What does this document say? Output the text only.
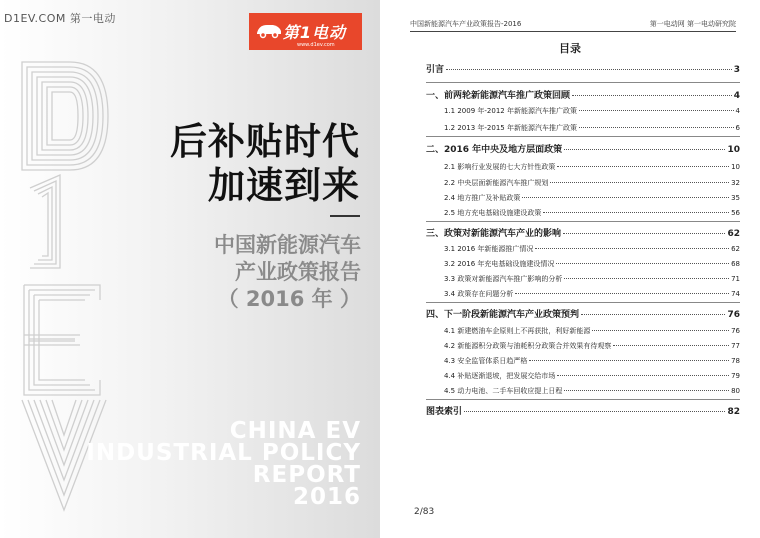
D1EV.COM 第一电动
第1电动
www.d1ev.com
后补贴时代
加速到来
中国新能源汽车
产业政策报告
（ 2016 年 ）
CHINA EV
INDUSTRIAL POLICY
REPORT
2016
中国新能源汽车产业政策报告-2016	第一电动网 第一电动研究院
目录
引言	3
一、前两轮新能源汽车推广政策回顾	4
1.1 2009 年-2012 年新能源汽车推广政策	4
1.2 2013 年-2015 年新能源汽车推广政策	6
二、2016 年中央及地方层面政策	10
2.1 影响行业发展的七大方针性政策	10
2.2 中央层面新能源汽车推广规划	32
2.4 地方推广及补贴政策	35
2.5 地方充电基础设施建设政策	56
三、政策对新能源汽车产业的影响	62
3.1 2016 年新能源推广情况	62
3.2 2016 年充电基础设施建设情况	68
3.3 政策对新能源汽车推广影响的分析	71
3.4 政策存在问题分析	74
四、下一阶段新能源汽车产业政策预判	76
4.1 新建燃油车企原则上不再获批，利好新能源	76
4.2 新能源积分政策与油耗积分政策合并效果有待观察	77
4.3 安全监管体系日趋严格	78
4.4 补贴逐渐退坡，把发展交给市场	79
4.5 动力电池、二手车回收应提上日程	80
图表索引	82
2/83
